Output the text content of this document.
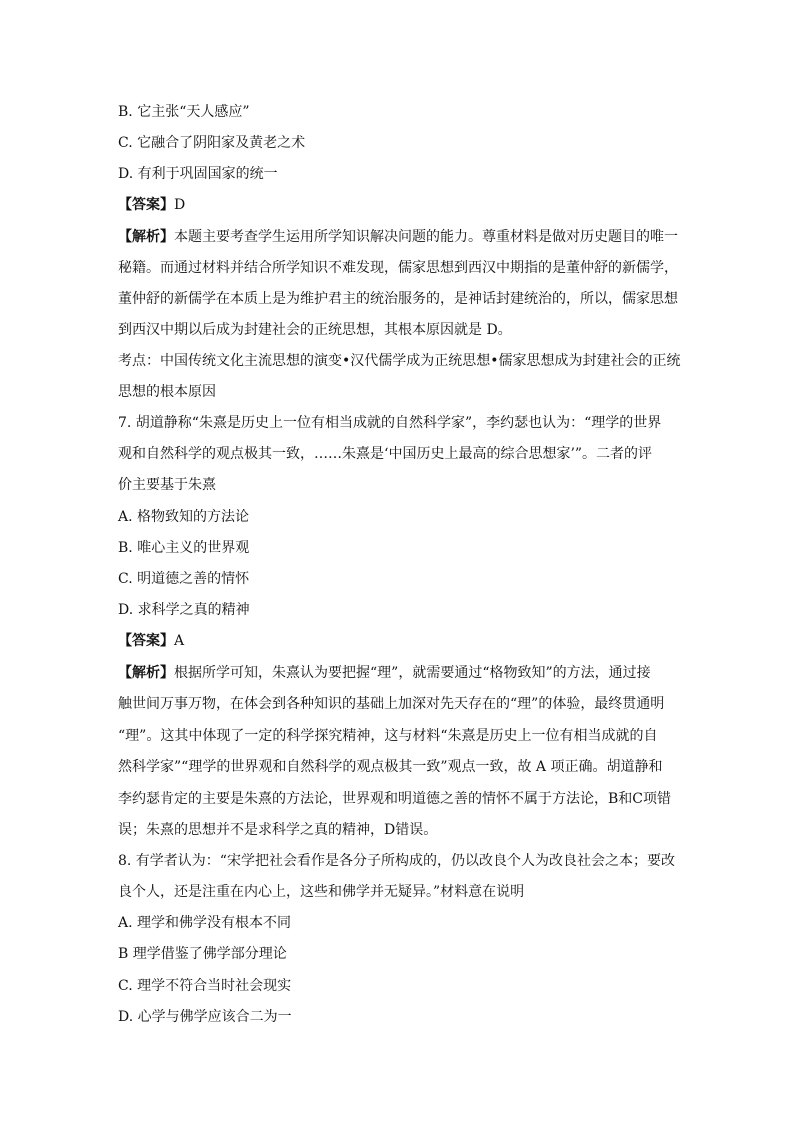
B. 它主张“天人感应”
C. 它融合了阴阳家及黄老之术
D. 有利于巩固国家的统一
【答案】D
【解析】本题主要考查学生运用所学知识解决问题的能力。尊重材料是做对历史题目的唯一
秘籍。而通过材料并结合所学知识不难发现，儒家思想到西汉中期指的是董仲舒的新儒学，
董仲舒的新儒学在本质上是为维护君主的统治服务的，是神话封建统治的，所以，儒家思想
到西汉中期以后成为封建社会的正统思想，其根本原因就是 D。
考点：中国传统文化主流思想的演变•汉代儒学成为正统思想•儒家思想成为封建社会的正统
思想的根本原因
7. 胡道静称“朱熹是历史上一位有相当成就的自然科学家”，李约瑟也认为：“理学的世界
观和自然科学的观点极其一致，……朱熹是‘中国历史上最高的综合思想家’”。二者的评
价主要基于朱熹
A. 格物致知的方法论
B. 唯心主义的世界观
C. 明道德之善的情怀
D. 求科学之真的精神
【答案】A
【解析】根据所学可知，朱熹认为要把握“理”，就需要通过“格物致知”的方法，通过接
触世间万事万物，在体会到各种知识的基础上加深对先天存在的“理”的体验，最终贯通明
“理”。这其中体现了一定的科学探究精神，这与材料“朱熹是历史上一位有相当成就的自
然科学家”“理学的世界观和自然科学的观点极其一致”观点一致，故 A 项正确。胡道静和
李约瑟肯定的主要是朱熹的方法论，世界观和明道德之善的情怀不属于方法论，B和C项错
误；朱熹的思想并不是求科学之真的精神，D错误。
8. 有学者认为：“宋学把社会看作是各分子所构成的，仍以改良个人为改良社会之本；要改
良个人，还是注重在内心上，这些和佛学并无疑异。”材料意在说明
A. 理学和佛学没有根本不同
B 理学借鉴了佛学部分理论
C. 理学不符合当时社会现实
D. 心学与佛学应该合二为一
